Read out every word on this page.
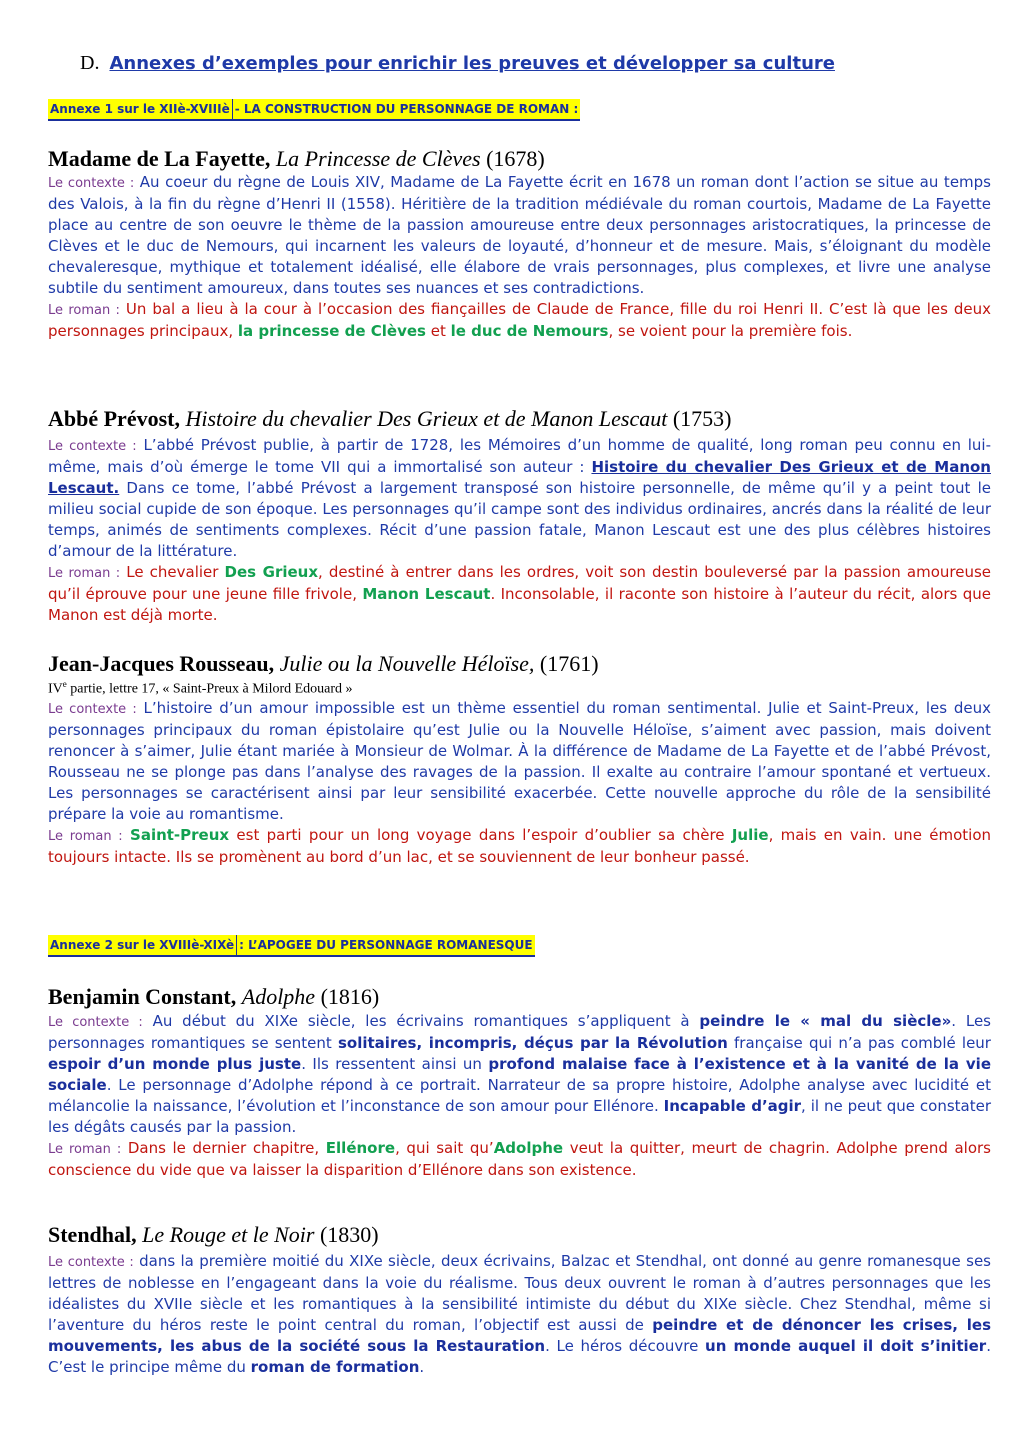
D. Annexes d’exemples pour enrichir les preuves et développer sa culture
Annexe 1 sur le XIIè-XVIIIè - LA CONSTRUCTION DU PERSONNAGE DE ROMAN :
Madame de La Fayette, La Princesse de Clèves (1678)
Le contexte : Au coeur du règne de Louis XIV, Madame de La Fayette écrit en 1678 un roman dont l’action se situe au temps des Valois, à la fin du règne d’Henri II (1558). Héritière de la tradition médiévale du roman courtois, Madame de La Fayette place au centre de son oeuvre le thème de la passion amoureuse entre deux personnages aristocratiques, la princesse de Clèves et le duc de Nemours, qui incarnent les valeurs de loyauté, d’honneur et de mesure. Mais, s’éloignant du modèle chevaleresque, mythique et totalement idéalisé, elle élabore de vrais personnages, plus complexes, et livre une analyse subtile du sentiment amoureux, dans toutes ses nuances et ses contradictions.
Le roman : Un bal a lieu à la cour à l’occasion des fiançailles de Claude de France, fille du roi Henri II. C’est là que les deux personnages principaux, la princesse de Clèves et le duc de Nemours, se voient pour la première fois.
Abbé Prévost, Histoire du chevalier Des Grieux et de Manon Lescaut (1753)
Le contexte : L’abbé Prévost publie, à partir de 1728, les Mémoires d’un homme de qualité, long roman peu connu en lui-même, mais d’où émerge le tome VII qui a immortalisé son auteur : Histoire du chevalier Des Grieux et de Manon Lescaut. Dans ce tome, l’abbé Prévost a largement transposé son histoire personnelle, de même qu’il y a peint tout le milieu social cupide de son époque. Les personnages qu’il campe sont des individus ordinaires, ancrés dans la réalité de leur temps, animés de sentiments complexes. Récit d’une passion fatale, Manon Lescaut est une des plus célèbres histoires d’amour de la littérature.
Le roman : Le chevalier Des Grieux, destiné à entrer dans les ordres, voit son destin bouleversé par la passion amoureuse qu’il éprouve pour une jeune fille frivole, Manon Lescaut. Inconsolable, il raconte son histoire à l’auteur du récit, alors que Manon est déjà morte.
Jean-Jacques Rousseau, Julie ou la Nouvelle Héloïse, (1761)
IVe partie, lettre 17, « Saint-Preux à Milord Edouard »
Le contexte : L’histoire d’un amour impossible est un thème essentiel du roman sentimental. Julie et Saint-Preux, les deux personnages principaux du roman épistolaire qu’est Julie ou la Nouvelle Héloïse, s’aiment avec passion, mais doivent renoncer à s’aimer, Julie étant mariée à Monsieur de Wolmar. À la différence de Madame de La Fayette et de l’abbé Prévost, Rousseau ne se plonge pas dans l’analyse des ravages de la passion. Il exalte au contraire l’amour spontané et vertueux. Les personnages se caractérisent ainsi par leur sensibilité exacerbée. Cette nouvelle approche du rôle de la sensibilité prépare la voie au romantisme.
Le roman : Saint-Preux est parti pour un long voyage dans l’espoir d’oublier sa chère Julie, mais en vain. une émotion toujours intacte. Ils se promènent au bord d’un lac, et se souviennent de leur bonheur passé.
Annexe 2 sur le XVIIIè-XIXè : L’APOGEE DU PERSONNAGE ROMANESQUE
Benjamin Constant, Adolphe (1816)
Le contexte : Au début du XIXe siècle, les écrivains romantiques s’appliquent à peindre le « mal du siècle». Les personnages romantiques se sentent solitaires, incompris, déçus par la Révolution française qui n’a pas comblé leur espoir d’un monde plus juste. Ils ressentent ainsi un profond malaise face à l’existence et à la vanité de la vie sociale. Le personnage d’Adolphe répond à ce portrait. Narrateur de sa propre histoire, Adolphe analyse avec lucidité et mélancolie la naissance, l’évolution et l’inconstance de son amour pour Ellénore. Incapable d’agir, il ne peut que constater les dégâts causés par la passion.
Le roman : Dans le dernier chapitre, Ellénore, qui sait qu’Adolphe veut la quitter, meurt de chagrin. Adolphe prend alors conscience du vide que va laisser la disparition d’Ellénore dans son existence.
Stendhal, Le Rouge et le Noir (1830)
Le contexte : dans la première moitié du XIXe siècle, deux écrivains, Balzac et Stendhal, ont donné au genre romanesque ses lettres de noblesse en l’engageant dans la voie du réalisme. Tous deux ouvrent le roman à d’autres personnages que les idéalistes du XVIIe siècle et les romantiques à la sensibilité intimiste du début du XIXe siècle. Chez Stendhal, même si l’aventure du héros reste le point central du roman, l’objectif est aussi de peindre et de dénoncer les crises, les mouvements, les abus de la société sous la Restauration. Le héros découvre un monde auquel il doit s’initier. C’est le principe même du roman de formation.
